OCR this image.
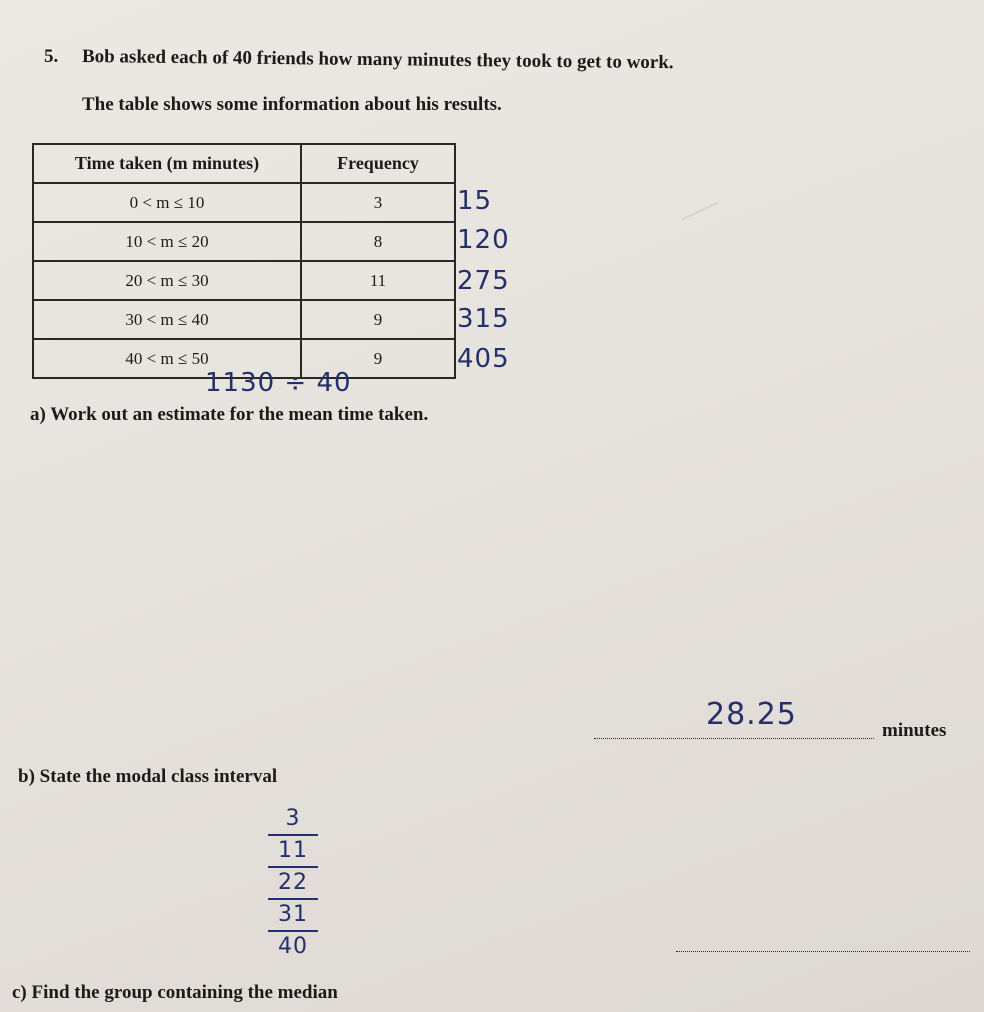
5. Bob asked each of 40 friends how many minutes they took to get to work.
The table shows some information about his results.
Time taken (m minutes)	Frequency
0 < m ≤ 10	3
10 < m ≤ 20	8
20 < m ≤ 30	11
30 < m ≤ 40	9
40 < m ≤ 50	9
15
120
275
315
405
1130 ÷ 40
a) Work out an estimate for the mean time taken.
28.25	minutes
b) State the modal class interval
3
11
22
31
40
c) Find the group containing the median
